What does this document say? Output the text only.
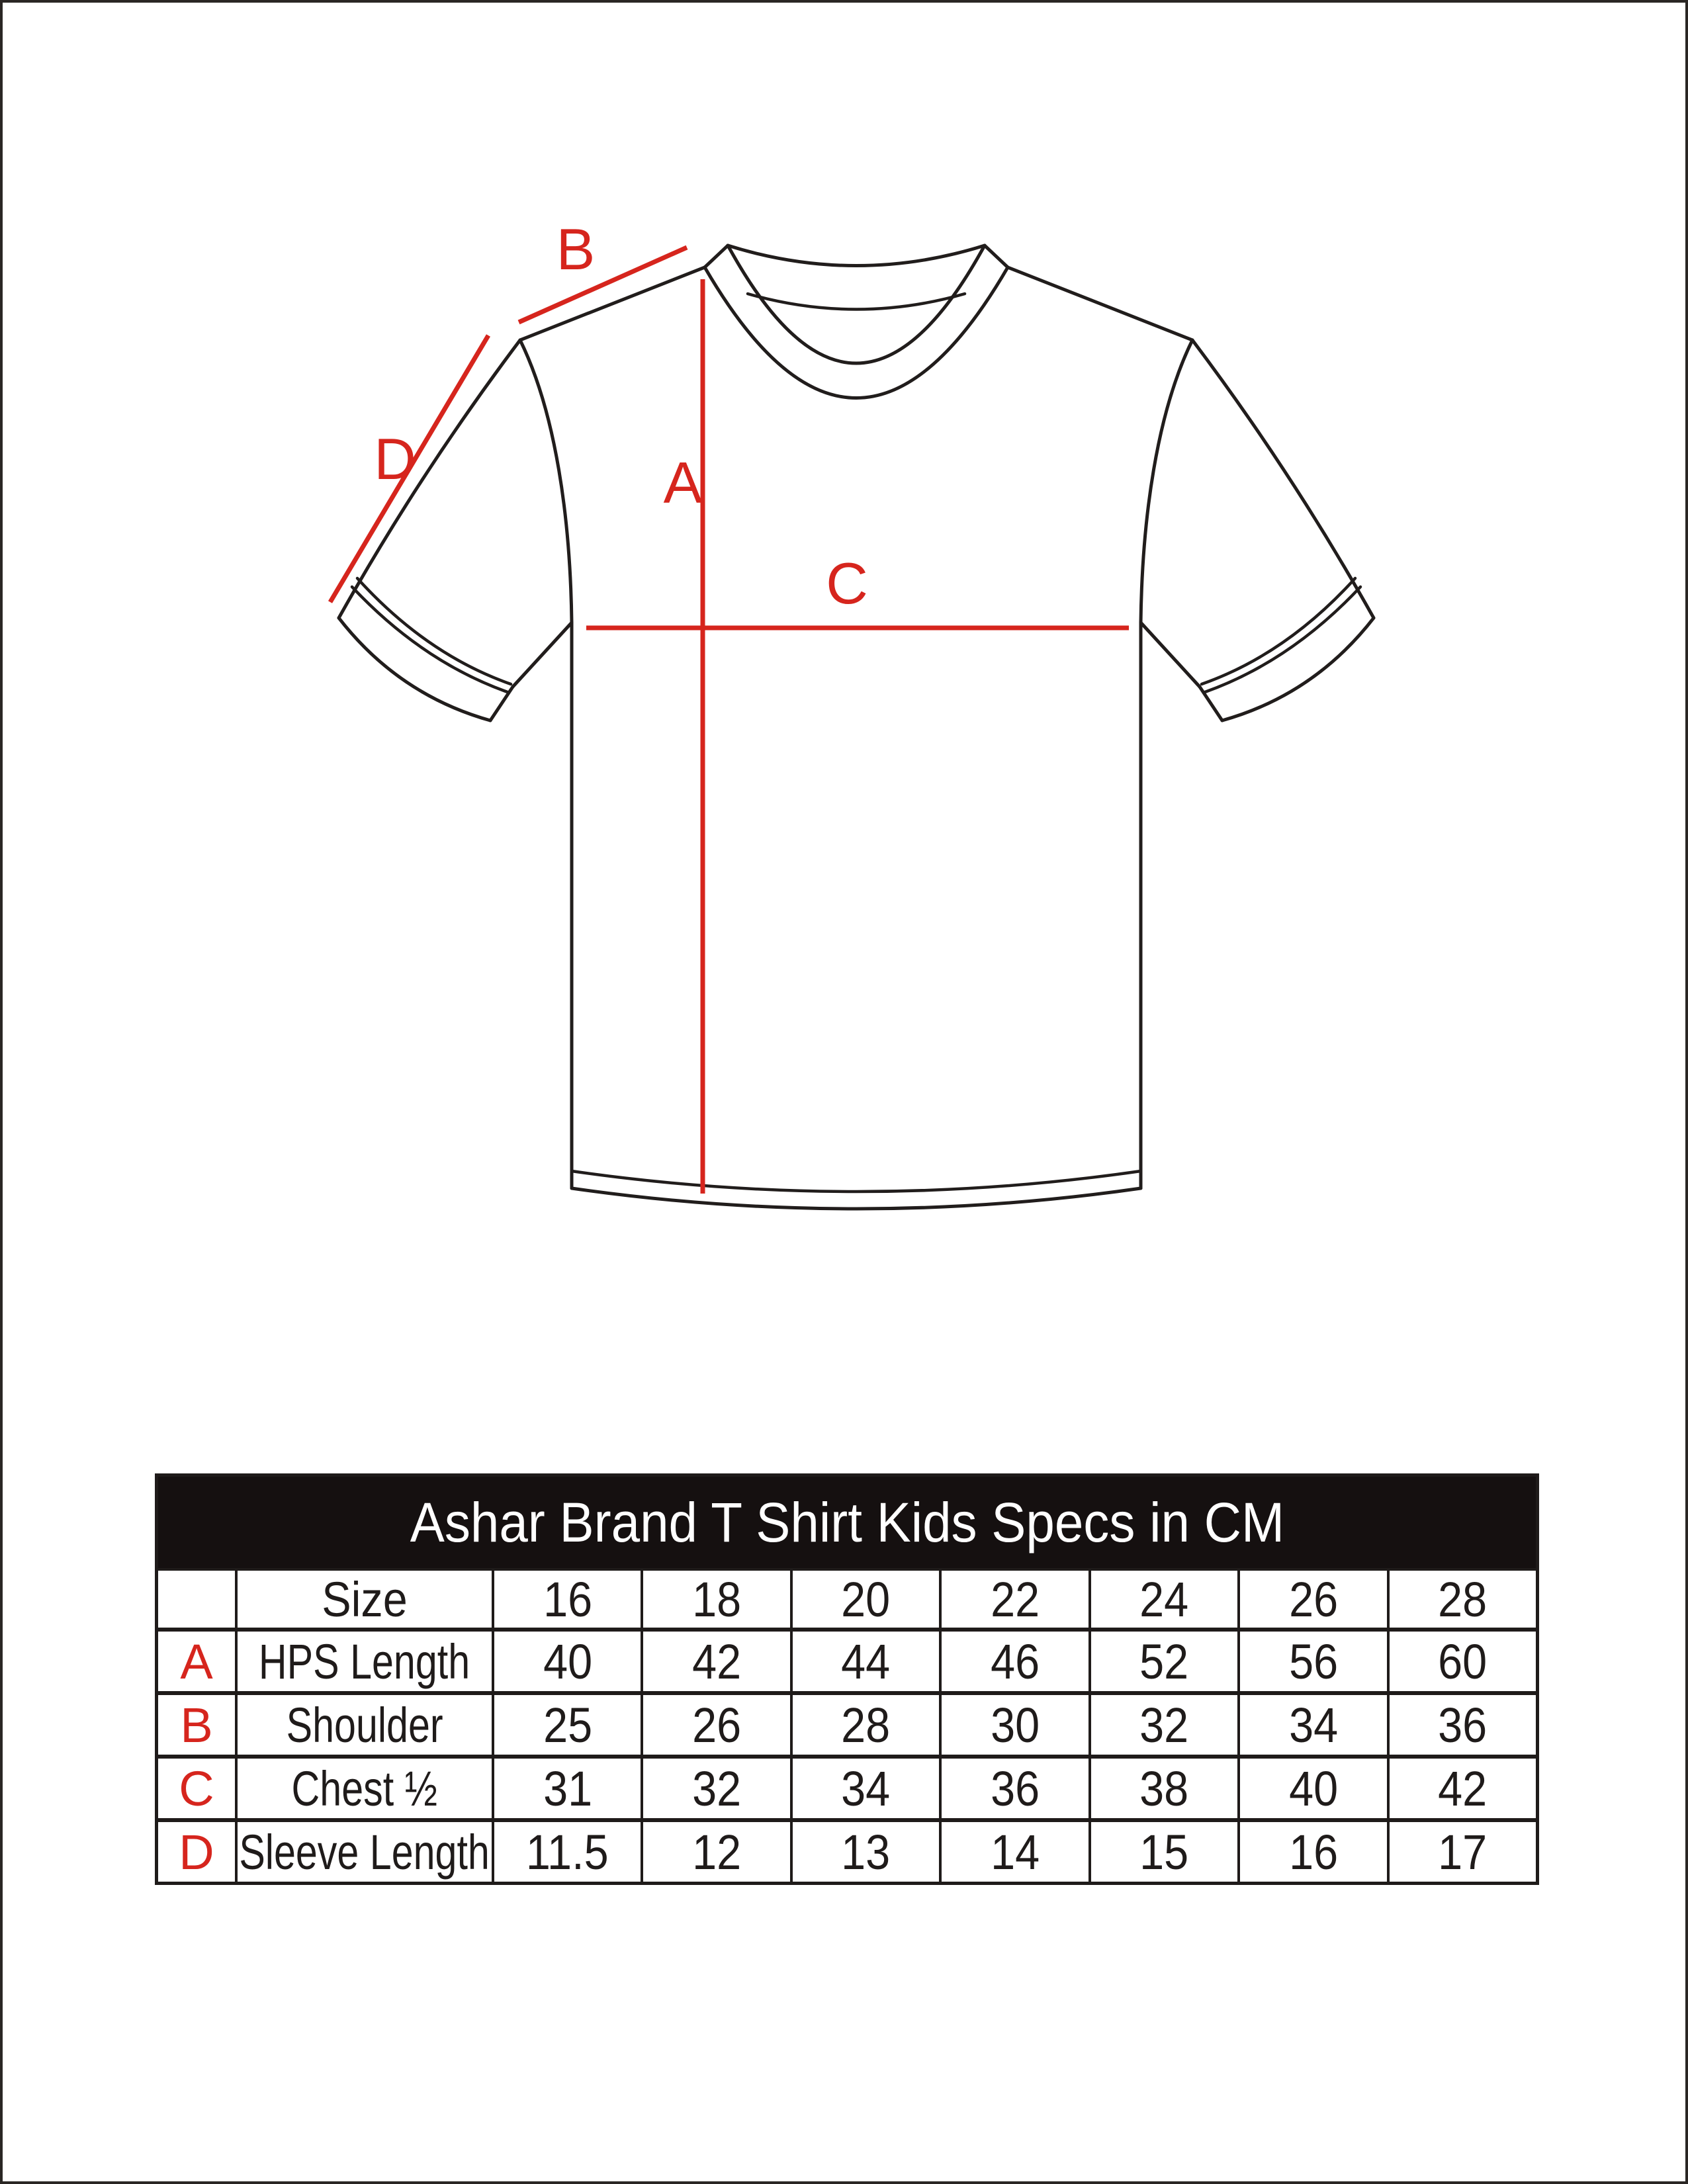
A
B
C
D
Ashar Brand T Shirt Kids Specs in CM
Size	16 18 20 22 24 26 28
A HPS Length 40 42 44 46 52 56 60
B Shoulder 25 26 28 30 32 34 36
C Chest ½ 31 32 34 36 38 40 42
D Sleeve Length 11.5 12 13 14 15 16 17
